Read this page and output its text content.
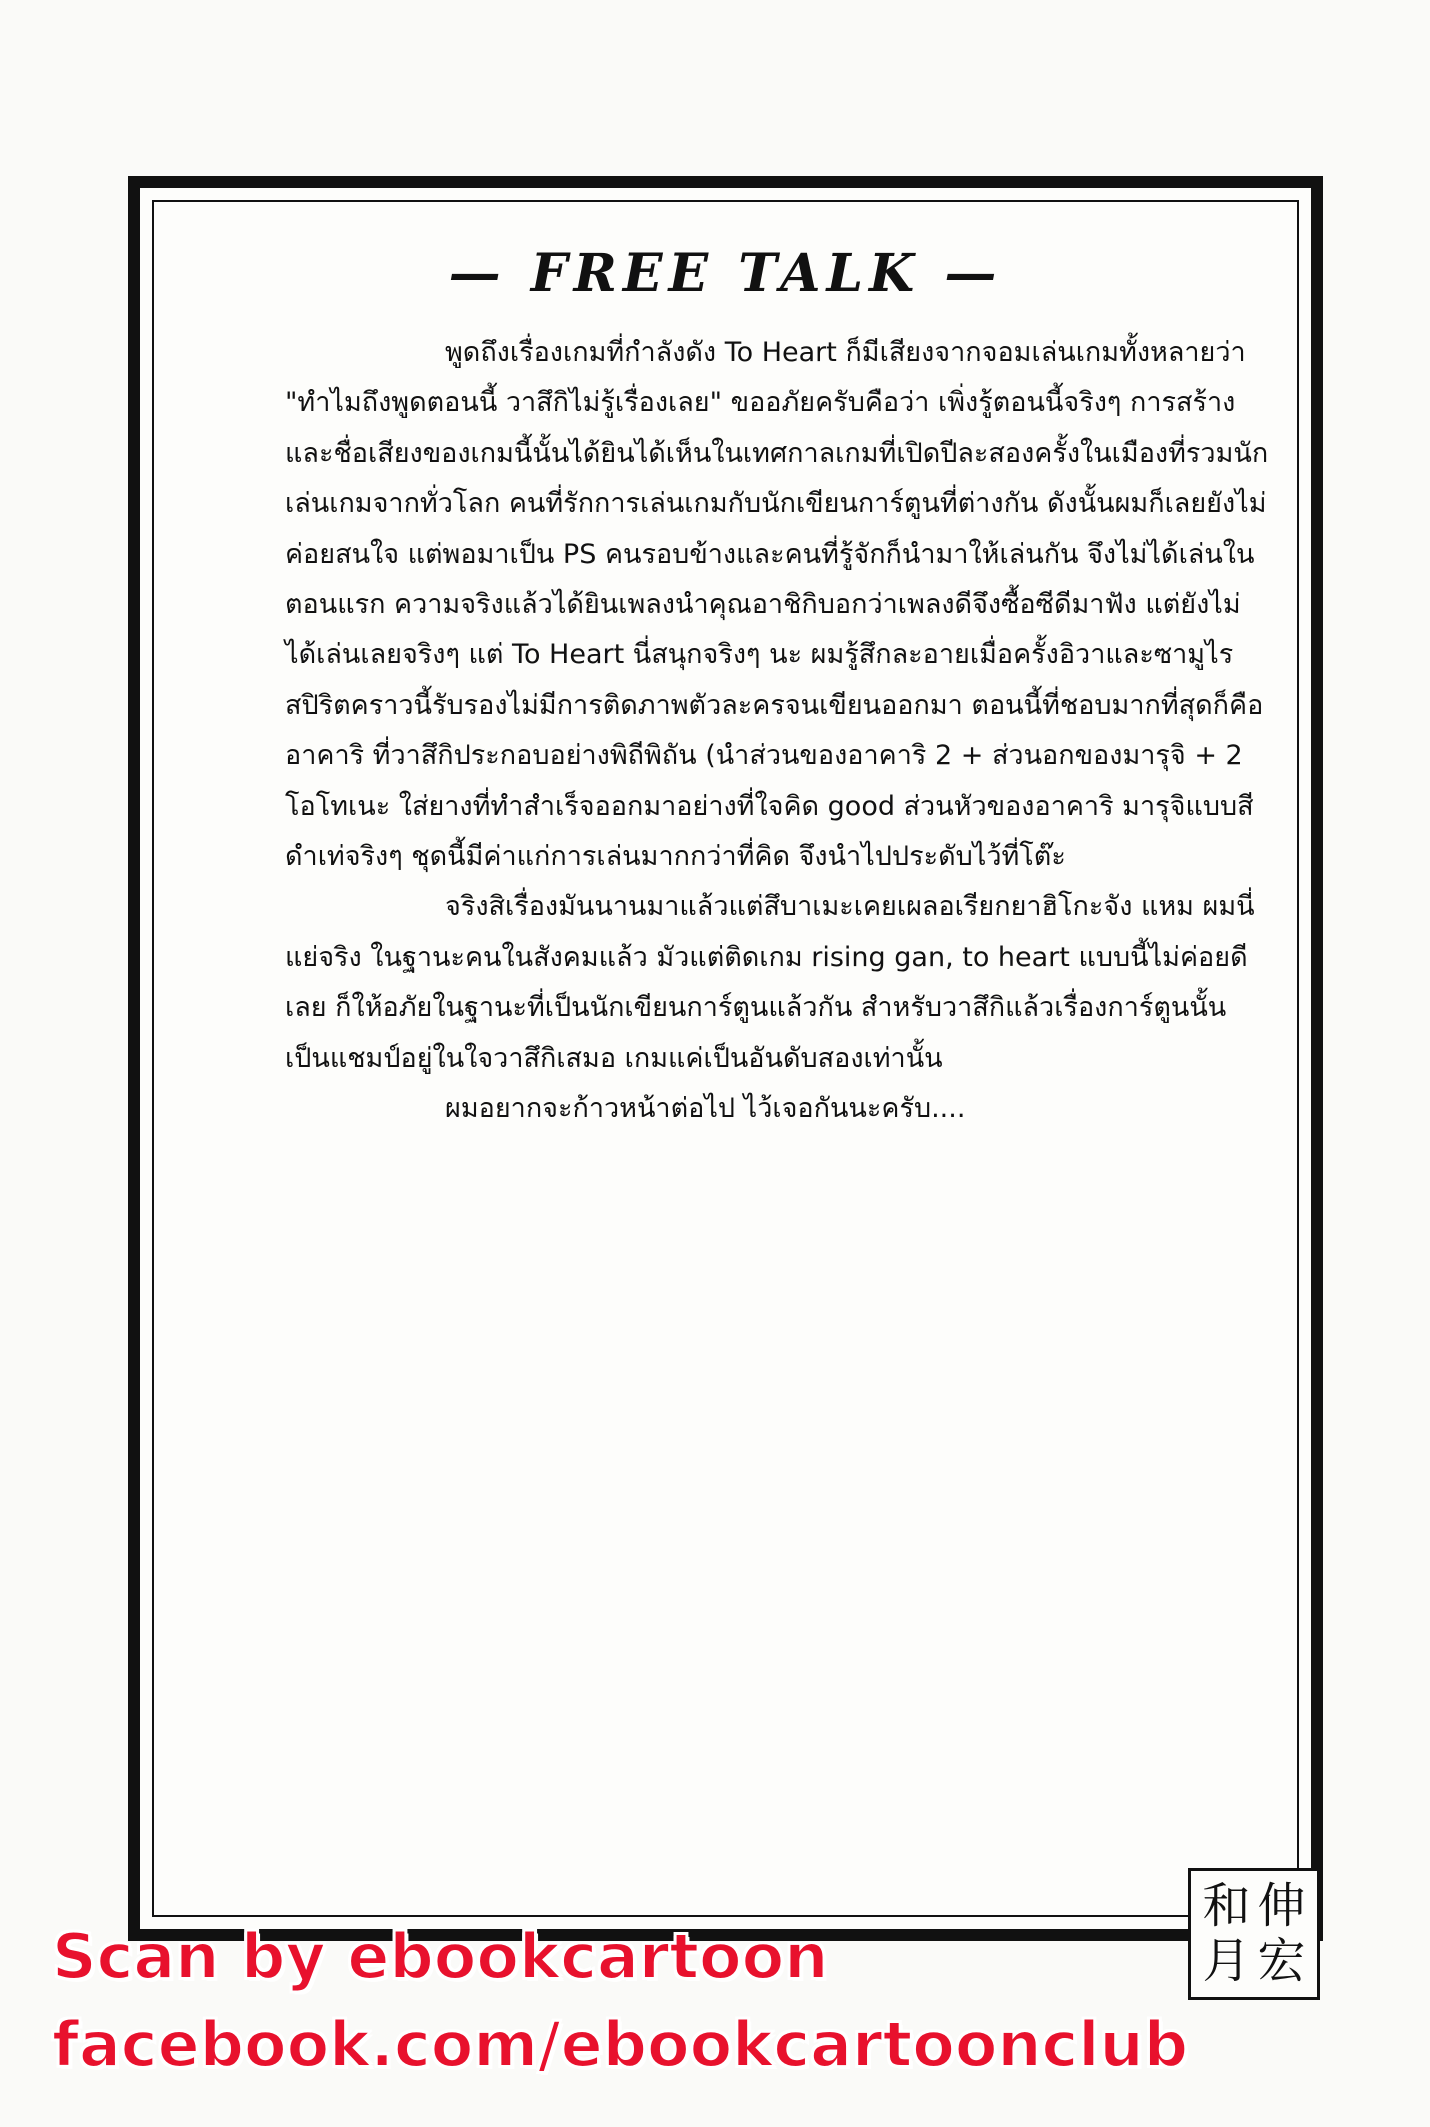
— FREE TALK —

พูดถึงเรื่องเกมที่กำลังดัง To Heart ก็มีเสียงจากจอมเล่นเกมทั้งหลายว่า "ทำไมถึงพูดตอนนี้ วาสึกิไม่รู้เรื่องเลย" ขออภัยครับคือว่า เพิ่งรู้ตอนนี้จริงๆ การสร้างและชื่อเสียงของเกมนี้นั้นได้ยินได้เห็นในเทศกาลเกมที่เปิดปีละสองครั้งในเมืองที่รวมนักเล่นเกมจากทั่วโลก คนที่รักการเล่นเกมกับนักเขียนการ์ตูนที่ต่างกัน ดังนั้นผมก็เลยยังไม่ค่อยสนใจ แต่พอมาเป็น PS คนรอบข้างและคนที่รู้จักก็นำมาให้เล่นกัน จึงไม่ได้เล่นในตอนแรก ความจริงแล้วได้ยินเพลงนำคุณอาชิกิบอกว่าเพลงดีจึงซื้อซีดีมาฟัง แต่ยังไม่ได้เล่นเลยจริงๆ แต่ To Heart นี่สนุกจริงๆ นะ ผมรู้สึกละอายเมื่อครั้งอิวาและซามูไรสปิริตคราวนี้รับรองไม่มีการติดภาพตัวละครจนเขียนออกมา ตอนนี้ที่ชอบมากที่สุดก็คืออาคาริ ที่วาสึกิประกอบอย่างพิถีพิถัน (นำส่วนของอาคาริ 2 + ส่วนอกของมารุจิ + 2 โอโทเนะ ใส่ยางที่ทำสำเร็จออกมาอย่างที่ใจคิด good ส่วนหัวของอาคาริ มารุจิแบบสีดำเท่จริงๆ ชุดนี้มีค่าแก่การเล่นมากกว่าที่คิด จึงนำไปประดับไว้ที่โต๊ะ

จริงสิเรื่องมันนานมาแล้วแต่สึบาเมะเคยเผลอเรียกยาฮิโกะจัง แหม ผมนี่แย่จริง ในฐานะคนในสังคมแล้ว มัวแต่ติดเกม rising gan, to heart แบบนี้ไม่ค่อยดีเลย ก็ให้อภัยในฐานะที่เป็นนักเขียนการ์ตูนแล้วกัน สำหรับวาสึกิแล้วเรื่องการ์ตูนนั้นเป็นแชมป์อยู่ในใจวาสึกิเสมอ เกมแค่เป็นอันดับสองเท่านั้น

ผมอยากจะก้าวหน้าต่อไป ไว้เจอกันนะครับ....

和 伸
月 宏
Scan by ebookcartoon
facebook.com/ebookcartoonclub
